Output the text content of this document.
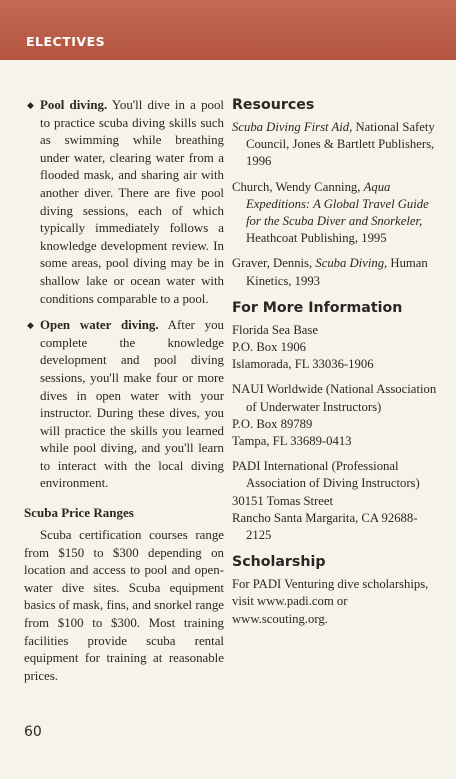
ELECTIVES

◆ Pool diving. You'll dive in a pool to practice scuba diving skills such as swimming while breathing under water, clearing water from a flooded mask, and sharing air with another diver. There are five pool diving sessions, each of which typically immediately follows a knowledge development review. In some areas, pool diving may be in shallow lake or ocean water with conditions comparable to a pool.

◆ Open water diving. After you complete the knowledge development and pool diving sessions, you'll make four or more dives in open water with your instructor. During these dives, you will practice the skills you learned while pool diving, and you'll learn to interact with the local diving environment.

Scuba Price Ranges

Scuba certification courses range from $150 to $300 depending on location and access to pool and open-water dive sites. Scuba equipment basics of mask, fins, and snorkel range from $100 to $300. Most training facilities provide scuba rental equipment for training at reasonable prices.

Resources

Scuba Diving First Aid, National Safety Council, Jones & Bartlett Publishers, 1996

Church, Wendy Canning, Aqua Expeditions: A Global Travel Guide for the Scuba Diver and Snorkeler, Heathcoat Publishing, 1995

Graver, Dennis, Scuba Diving, Human Kinetics, 1993

For More Information

Florida Sea Base

P.O. Box 1906

Islamorada, FL 33036-1906

NAUI Worldwide (National Association of Underwater Instructors)

P.O. Box 89789

Tampa, FL 33689-0413

PADI International (Professional Association of Diving Instructors)

30151 Tomas Street

Rancho Santa Margarita, CA 92688-2125

Scholarship

For PADI Venturing dive scholarships, visit www.padi.com or www.scouting.org.

60
